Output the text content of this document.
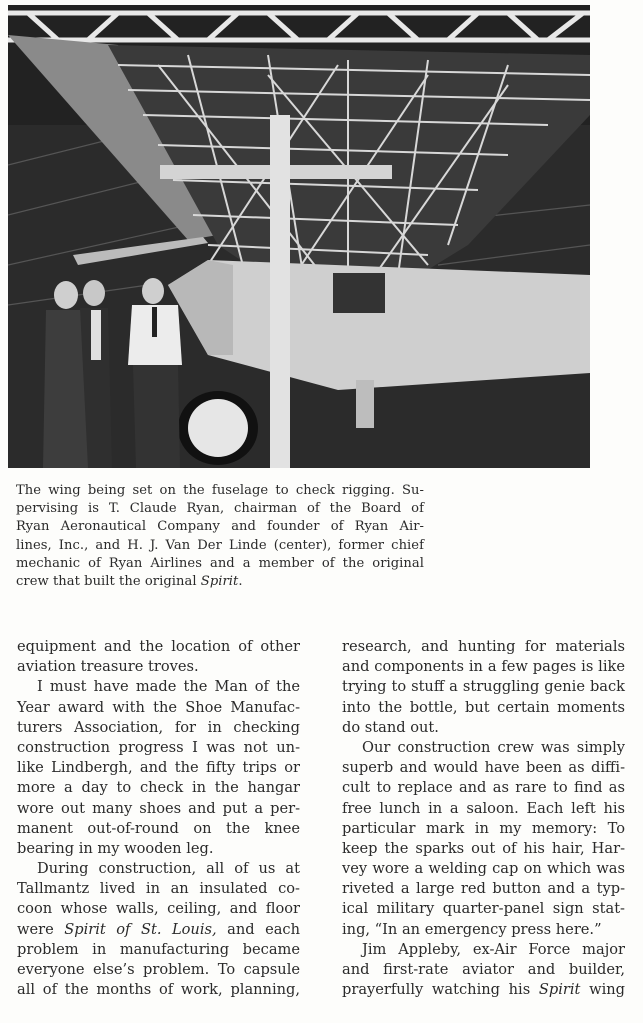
The wing being set on the fuselage to check rigging. Su-
pervising is T. Claude Ryan, chairman of the Board of
Ryan Aeronautical Company and founder of Ryan Air-
lines, Inc., and H. J. Van Der Linde (center), former chief
mechanic of Ryan Airlines and a member of the original
crew that built the original Spirit.
equipment and the location of other
aviation treasure troves.
I must have made the Man of the
Year award with the Shoe Manufac-
turers Association, for in checking
construction progress I was not un-
like Lindbergh, and the fifty trips or
more a day to check in the hangar
wore out many shoes and put a per-
manent out-of-round on the knee
bearing in my wooden leg.
During construction, all of us at
Tallmantz lived in an insulated co-
coon whose walls, ceiling, and floor
were Spirit of St. Louis, and each
problem in manufacturing became
everyone else’s problem. To capsule
all of the months of work, planning,
research, and hunting for materials
and components in a few pages is like
trying to stuff a struggling genie back
into the bottle, but certain moments
do stand out.
Our construction crew was simply
superb and would have been as diffi-
cult to replace and as rare to find as
free lunch in a saloon. Each left his
particular mark in my memory: To
keep the sparks out of his hair, Har-
vey wore a welding cap on which was
riveted a large red button and a typ-
ical military quarter-panel sign stat-
ing, “In an emergency press here.”
Jim Appleby, ex-Air Force major
and first-rate aviator and builder,
prayerfully watching his Spirit wing
